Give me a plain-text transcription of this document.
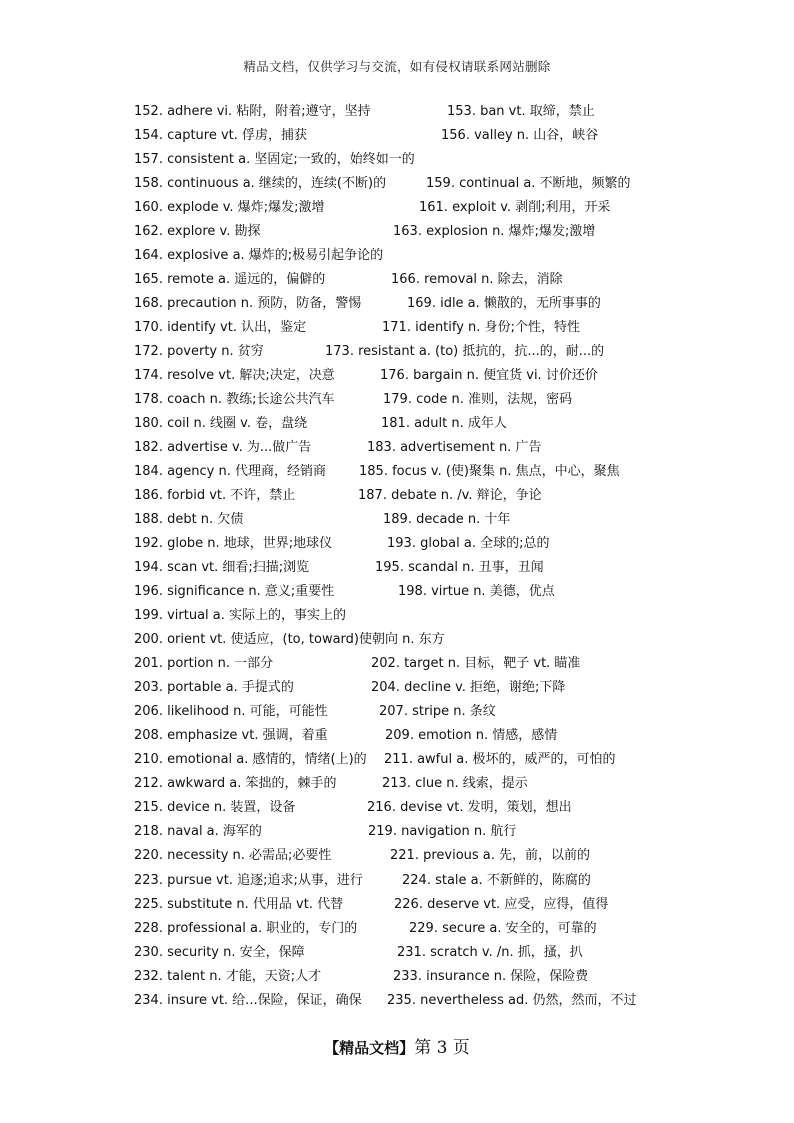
精品文档，仅供学习与交流，如有侵权请联系网站删除
152. adhere vi. 粘附，附着;遵守，坚持	153. ban vt. 取缔，禁止
154. capture vt. 俘虏，捕获	156. valley n. 山谷，峡谷
157. consistent a. 坚固定;一致的，始终如一的
158. continuous a. 继续的，连续(不断)的	159. continual a. 不断地，频繁的
160. explode v. 爆炸;爆发;激增	161. exploit v. 剥削;利用，开采
162. explore v. 勘探	163. explosion n. 爆炸;爆发;激增
164. explosive a. 爆炸的;极易引起争论的
165. remote a. 遥远的，偏僻的	166. removal n. 除去，消除
168. precaution n. 预防，防备，警惕	169. idle a. 懒散的，无所事事的
170. identify vt. 认出，鉴定	171. identify n. 身份;个性，特性
172. poverty n. 贫穷	173. resistant a. (to) 抵抗的，抗...的，耐...的
174. resolve vt. 解决;决定，决意	176. bargain n. 便宜货 vi. 讨价还价
178. coach n. 教练;长途公共汽车	179. code n. 准则，法规，密码
180. coil n. 线圈 v. 卷，盘绕	181. adult n. 成年人
182. advertise v. 为...做广告	183. advertisement n. 广告
184. agency n. 代理商，经销商	185. focus v. (使)聚集 n. 焦点，中心，聚焦
186. forbid vt. 不许，禁止	187. debate n. /v. 辩论，争论
188. debt n. 欠债	189. decade n. 十年
192. globe n. 地球，世界;地球仪	193. global a. 全球的;总的
194. scan vt. 细看;扫描;浏览	195. scandal n. 丑事，丑闻
196. significance n. 意义;重要性	198. virtue n. 美德，优点
199. virtual a. 实际上的，事实上的
200. orient vt. 使适应，(to, toward)使朝向 n. 东方
201. portion n. 一部分	202. target n. 目标，靶子 vt. 瞄准
203. portable a. 手提式的	204. decline v. 拒绝，谢绝;下降
206. likelihood n. 可能，可能性	207. stripe n. 条纹
208. emphasize vt. 强调，着重	209. emotion n. 情感，感情
210. emotional a. 感情的，情绪(上)的 211. awful a. 极坏的，威严的，可怕的
212. awkward a. 笨拙的，棘手的	213. clue n. 线索，提示
215. device n. 装置，设备	216. devise vt. 发明，策划，想出
218. naval a. 海军的	219. navigation n. 航行
220. necessity n. 必需品;必要性	221. previous a. 先，前，以前的
223. pursue vt. 追逐;追求;从事，进行	224. stale a. 不新鲜的，陈腐的
225. substitute n. 代用品 vt. 代替	226. deserve vt. 应受，应得，值得
228. professional a. 职业的，专门的	229. secure a. 安全的，可靠的
230. security n. 安全，保障	231. scratch v. /n. 抓，搔，扒
232. talent n. 才能，天资;人才	233. insurance n. 保险，保险费
234. insure vt. 给...保险，保证，确保 235. nevertheless ad. 仍然，然而，不过
【精品文档】第 3 页
